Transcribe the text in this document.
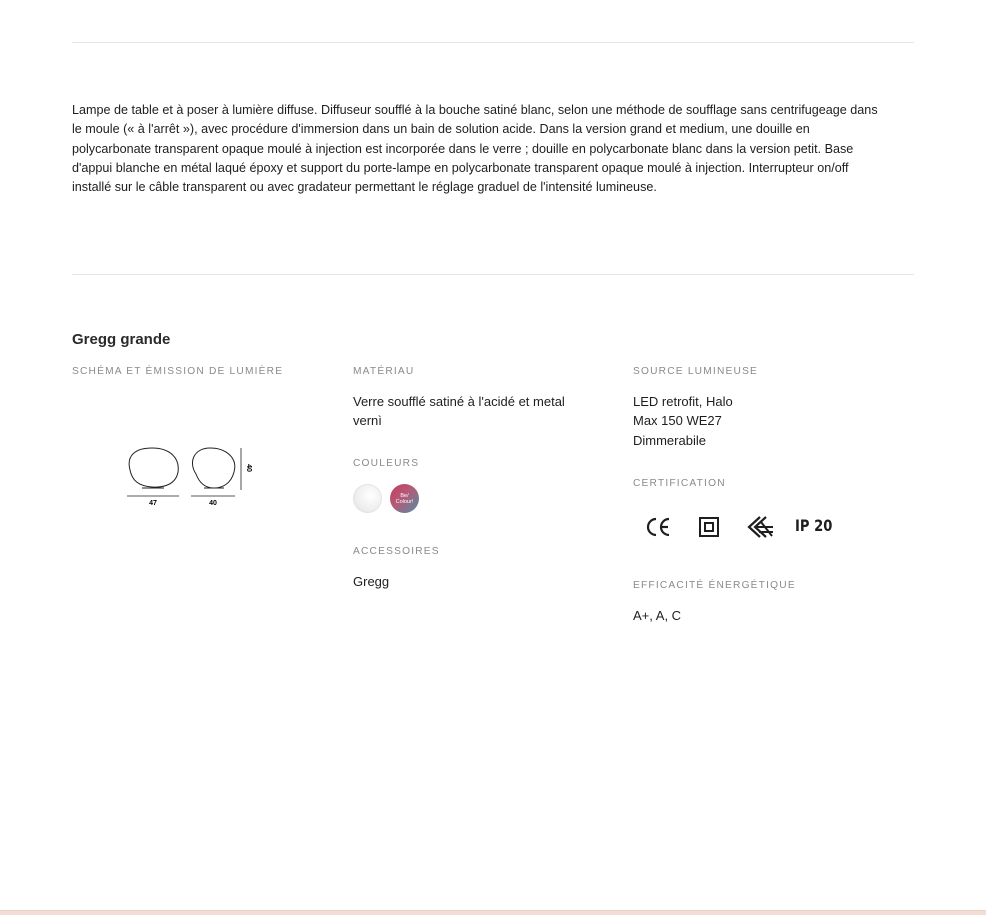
Lampe de table et à poser à lumière diffuse. Diffuseur soufflé à la bouche satiné blanc, selon une méthode de soufflage sans centrifugeage dans le moule (« à l'arrêt »), avec procédure d'immersion dans un bain de solution acide. Dans la version grand et medium, une douille en polycarbonate transparent opaque moulé à injection est incorporée dans le verre ; douille en polycarbonate blanc dans la version petit. Base d'appui blanche en métal laqué époxy et support du porte-lampe en polycarbonate transparent opaque moulé à injection. Interrupteur on/off installé sur le câble transparent ou avec gradateur permettant le réglage graduel de l'intensité lumineuse.

Gregg grande
SCHÉMA ET ÉMISSION DE LUMIÈRE
47	40
40
MATÉRIAU
Verre soufflé satiné à l'acidé et metal
vernì
COULEURS
Be/
Colour!
ACCESSOIRES
Gregg
SOURCE LUMINEUSE
LED retrofit, Halo
Max 150 WE27
Dimmerabile
CERTIFICATION
IP 20
EFFICACITÉ ÉNERGÉTIQUE
A+, A, C
